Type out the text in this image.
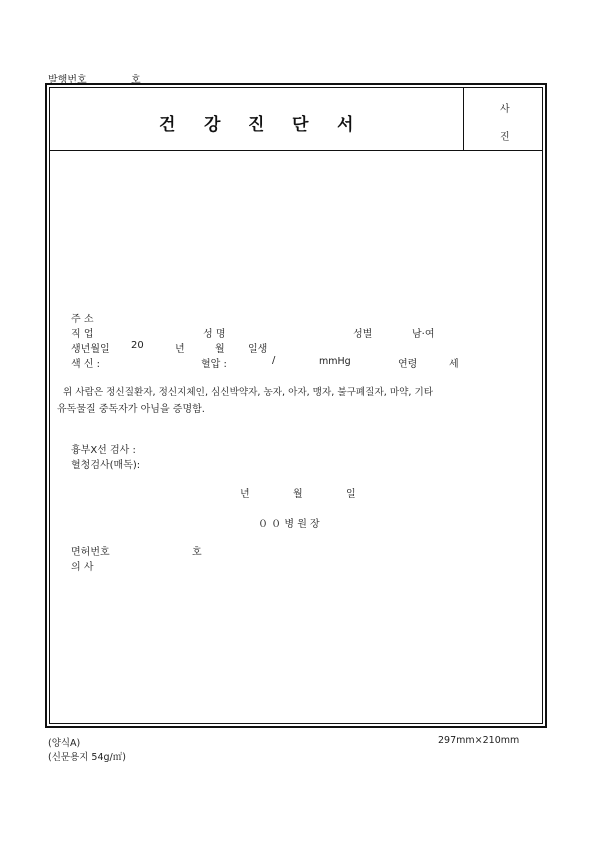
발행번호	호
건 강 진 단 서
사
진
주 소
직 업	성 명	성별	남·여
생년월일 20	년	월 일생
색 신 :	혈압 :	/	mmHg	연령	세
위 사람은 정신질환자, 정신지체인, 심신박약자, 농자, 아자, 맹자, 불구폐질자, 마약, 기타
유독물질 중독자가 아님을 증명함.
흉부X선 검사 :
혈청검사(매독):
년	월	일
０ ０ 병 원 장
면허번호	호
의 사
(양식A)
(신문용지 54g/㎡)
297mm×210mm
